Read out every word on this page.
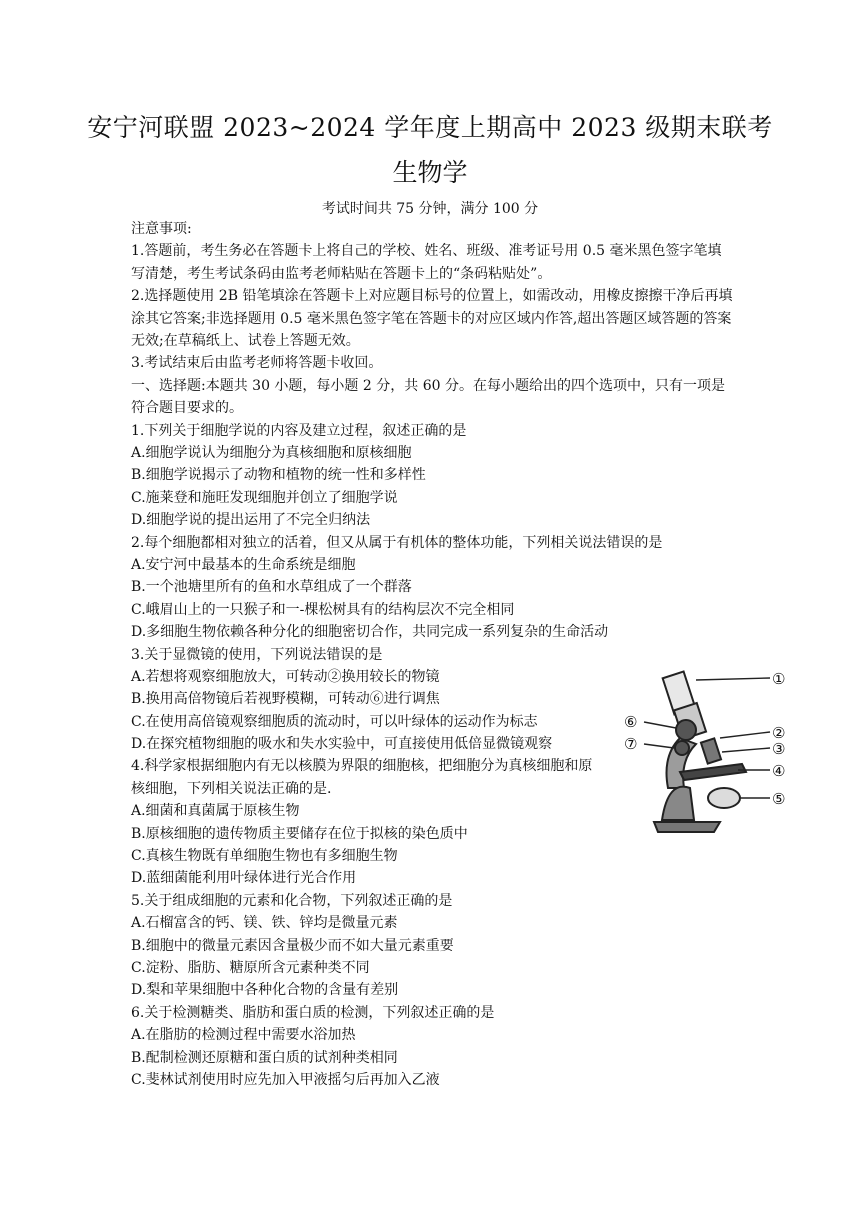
安宁河联盟 2023~2024 学年度上期高中 2023 级期末联考
生物学
考试时间共 75 分钟，满分 100 分
注意事项:
1.答题前，考生务必在答题卡上将自己的学校、姓名、班级、准考证号用 0.5 毫米黑色签字笔填写清楚，考生考试条码由监考老师粘贴在答题卡上的“条码粘贴处”。
2.选择题使用 2B 铅笔填涂在答题卡上对应题目标号的位置上，如需改动，用橡皮擦擦干净后再填涂其它答案;非选择题用 0.5 毫米黑色签字笔在答题卡的对应区域内作答,超出答题区域答题的答案无效;在草稿纸上、试卷上答题无效。
3.考试结束后由监考老师将答题卡收回。
一、选择题:本题共 30 小题，每小题 2 分，共 60 分。在每小题给出的四个选项中，只有一项是符合题目要求的。
1.下列关于细胞学说的内容及建立过程，叙述正确的是
A.细胞学说认为细胞分为真核细胞和原核细胞
B.细胞学说揭示了动物和植物的统一性和多样性
C.施莱登和施旺发现细胞并创立了细胞学说
D.细胞学说的提出运用了不完全归纳法
2.每个细胞都相对独立的活着，但又从属于有机体的整体功能，下列相关说法错误的是
A.安宁河中最基本的生命系统是细胞
B.一个池塘里所有的鱼和水草组成了一个群落
C.峨眉山上的一只猴子和一-棵松树具有的结构层次不完全相同
D.多细胞生物依赖各种分化的细胞密切合作，共同完成一系列复杂的生命活动
3.关于显微镜的使用，下列说法错误的是
A.若想将观察细胞放大，可转动②换用较长的物镜
B.换用高倍物镜后若视野模糊，可转动⑥进行调焦
C.在使用高倍镜观察细胞质的流动时，可以叶绿体的运动作为标志
D.在探究植物细胞的吸水和失水实验中，可直接使用低倍显微镜观察
4.科学家根据细胞内有无以核膜为界限的细胞核，把细胞分为真核细胞和原核细胞，下列相关说法正确的是.
A.细菌和真菌属于原核生物
B.原核细胞的遗传物质主要储存在位于拟核的染色质中
C.真核生物既有单细胞生物也有多细胞生物
D.蓝细菌能利用叶绿体进行光合作用
5.关于组成细胞的元素和化合物，下列叙述正确的是
A.石榴富含的钙、镁、铁、锌均是微量元素
B.细胞中的微量元素因含量极少而不如大量元素重要
C.淀粉、脂肪、糖原所含元素种类不同
D.梨和苹果细胞中各种化合物的含量有差别
6.关于检测糖类、脂肪和蛋白质的检测，下列叙述正确的是
A.在脂肪的检测过程中需要水浴加热
B.配制检测还原糖和蛋白质的试剂种类相同
C.斐林试剂使用时应先加入甲液摇匀后再加入乙液
①
②
③
④
⑤
⑥
⑦
